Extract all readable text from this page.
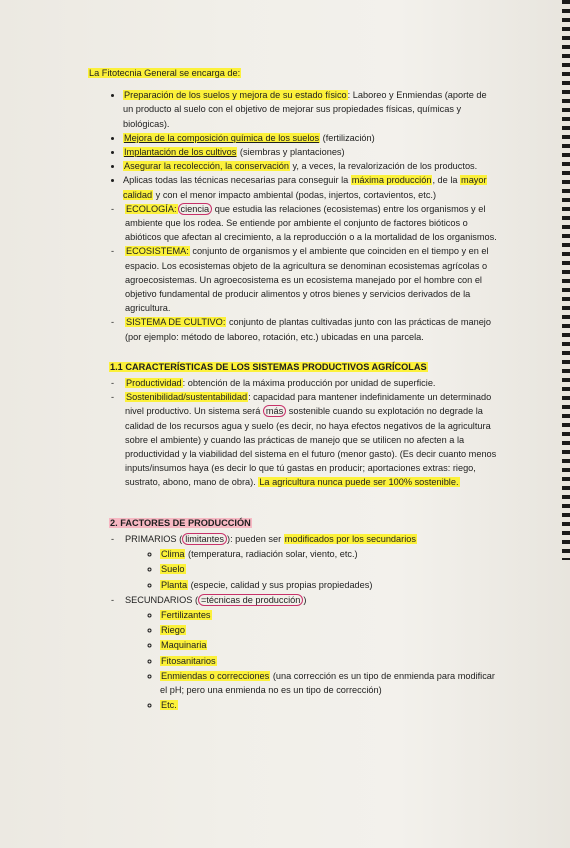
La Fitotecnia General se encarga de:
• Preparación de los suelos y mejora de su estado físico: Laboreo y Enmiendas (aporte de un producto al suelo con el objetivo de mejorar sus propiedades físicas, químicas y biológicas).
• Mejora de la composición química de los suelos (fertilización)
• Implantación de los cultivos (siembras y plantaciones)
• Asegurar la recolección, la conservación y, a veces, la revalorización de los productos.
• Aplicas todas las técnicas necesarias para conseguir la máxima producción, de la mayor calidad y con el menor impacto ambiental (podas, injertos, cortavientos, etc.)
- ECOLOGÍA: ciencia que estudia las relaciones (ecosistemas) entre los organismos y el ambiente que los rodea. Se entiende por ambiente el conjunto de factores bióticos o abióticos que afectan al crecimiento, a la reproducción o a la mortalidad de los organismos.
- ECOSISTEMA: conjunto de organismos y el ambiente que coinciden en el tiempo y en el espacio. Los ecosistemas objeto de la agricultura se denominan ecosistemas agrícolas o agroecosistemas. Un agroecosistema es un ecosistema manejado por el hombre con el objetivo fundamental de producir alimentos y otros bienes y servicios derivados de la agricultura.
- SISTEMA DE CULTIVO: conjunto de plantas cultivadas junto con las prácticas de manejo (por ejemplo: método de laboreo, rotación, etc.) ubicadas en una parcela.
1.1 CARACTERÍSTICAS DE LOS SISTEMAS PRODUCTIVOS AGRÍCOLAS
- Productividad: obtención de la máxima producción por unidad de superficie.
- Sostenibilidad/sustentabilidad: capacidad para mantener indefinidamente un determinado nivel productivo. Un sistema será más sostenible cuando su explotación no degrade la calidad de los recursos agua y suelo (es decir, no haya efectos negativos de la agricultura sobre el ambiente) y cuando las prácticas de manejo que se utilicen no afecten a la productividad y la viabilidad del sistema en el futuro (menor gasto). (Es decir cuanto menos inputs/insumos haya (es decir lo que tú gastas en producir; aportaciones extras: riego, sustrato, abono, mano de obra). La agricultura nunca puede ser 100% sostenible.
2. FACTORES DE PRODUCCIÓN
- PRIMARIOS ( limitantes ): pueden ser modificados por los secundarios
◦ Clima (temperatura, radiación solar, viento, etc.)
◦ Suelo
◦ Planta (especie, calidad y sus propias propiedades)
- SECUNDARIOS ( =técnicas de producción )
◦ Fertilizantes
◦ Riego
◦ Maquinaria
◦ Fitosanitarios
◦ Enmiendas o correcciones (una corrección es un tipo de enmienda para modificar el pH; pero una enmienda no es un tipo de corrección)
◦ Etc.
